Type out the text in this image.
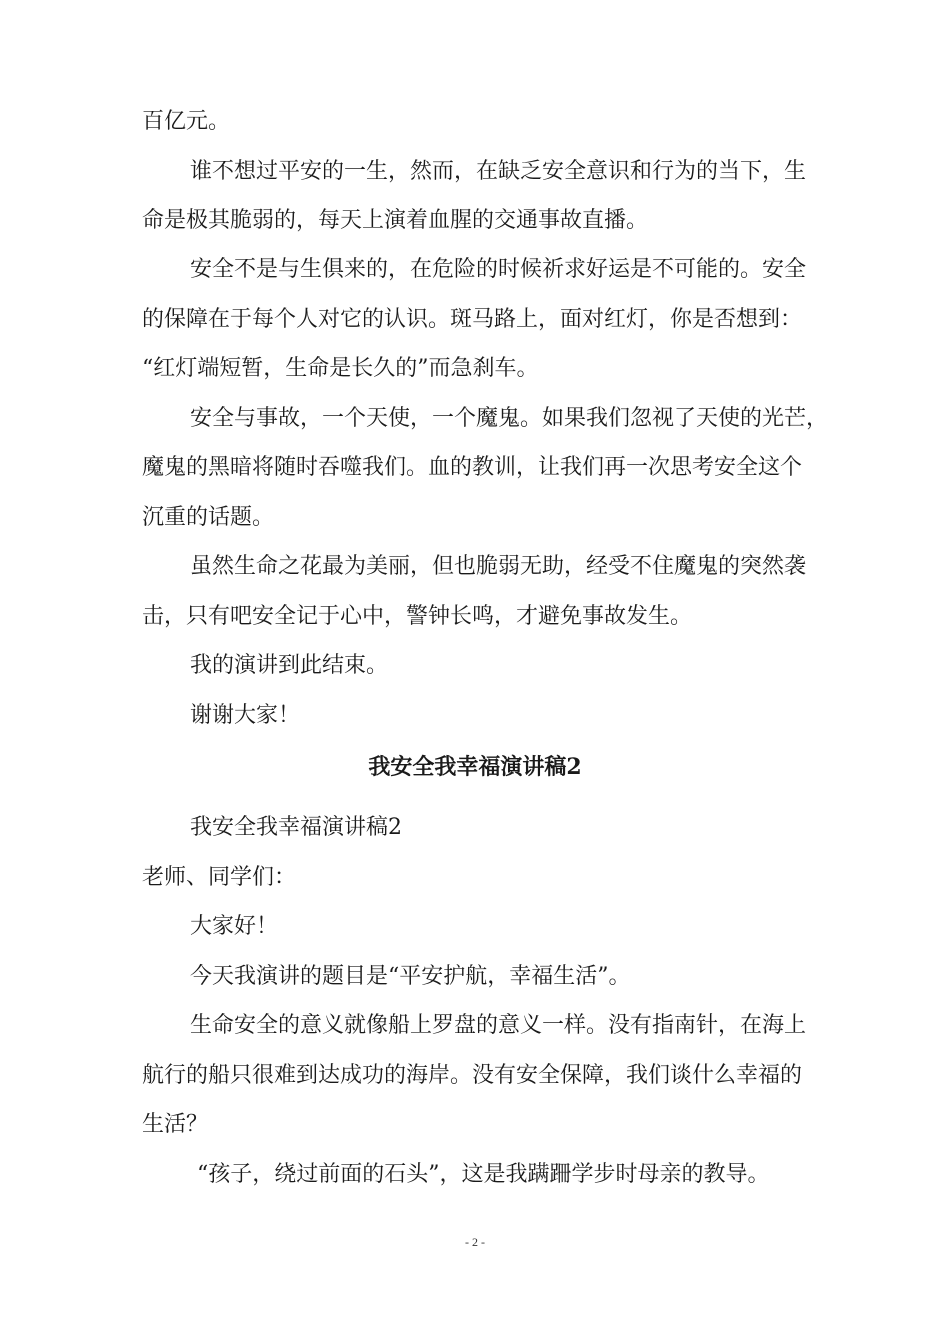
百亿元。
谁不想过平安的一生，然而，在缺乏安全意识和行为的当下，生
命是极其脆弱的，每天上演着血腥的交通事故直播。
安全不是与生俱来的，在危险的时候祈求好运是不可能的。安全
的保障在于每个人对它的认识。斑马路上，面对红灯，你是否想到：
“红灯端短暂，生命是长久的”而急刹车。
安全与事故，一个天使，一个魔鬼。如果我们忽视了天使的光芒，
魔鬼的黑暗将随时吞噬我们。血的教训，让我们再一次思考安全这个
沉重的话题。
虽然生命之花最为美丽，但也脆弱无助，经受不住魔鬼的突然袭
击，只有吧安全记于心中，警钟长鸣，才避免事故发生。
我的演讲到此结束。
谢谢大家！
我安全我幸福演讲稿2
我安全我幸福演讲稿2
老师、同学们：
大家好！
今天我演讲的题目是“平安护航，幸福生活”。
生命安全的意义就像船上罗盘的意义一样。没有指南针，在海上
航行的船只很难到达成功的海岸。没有安全保障，我们谈什么幸福的
生活？
“孩子，绕过前面的石头”，这是我蹒跚学步时母亲的教导。
- 2 -
